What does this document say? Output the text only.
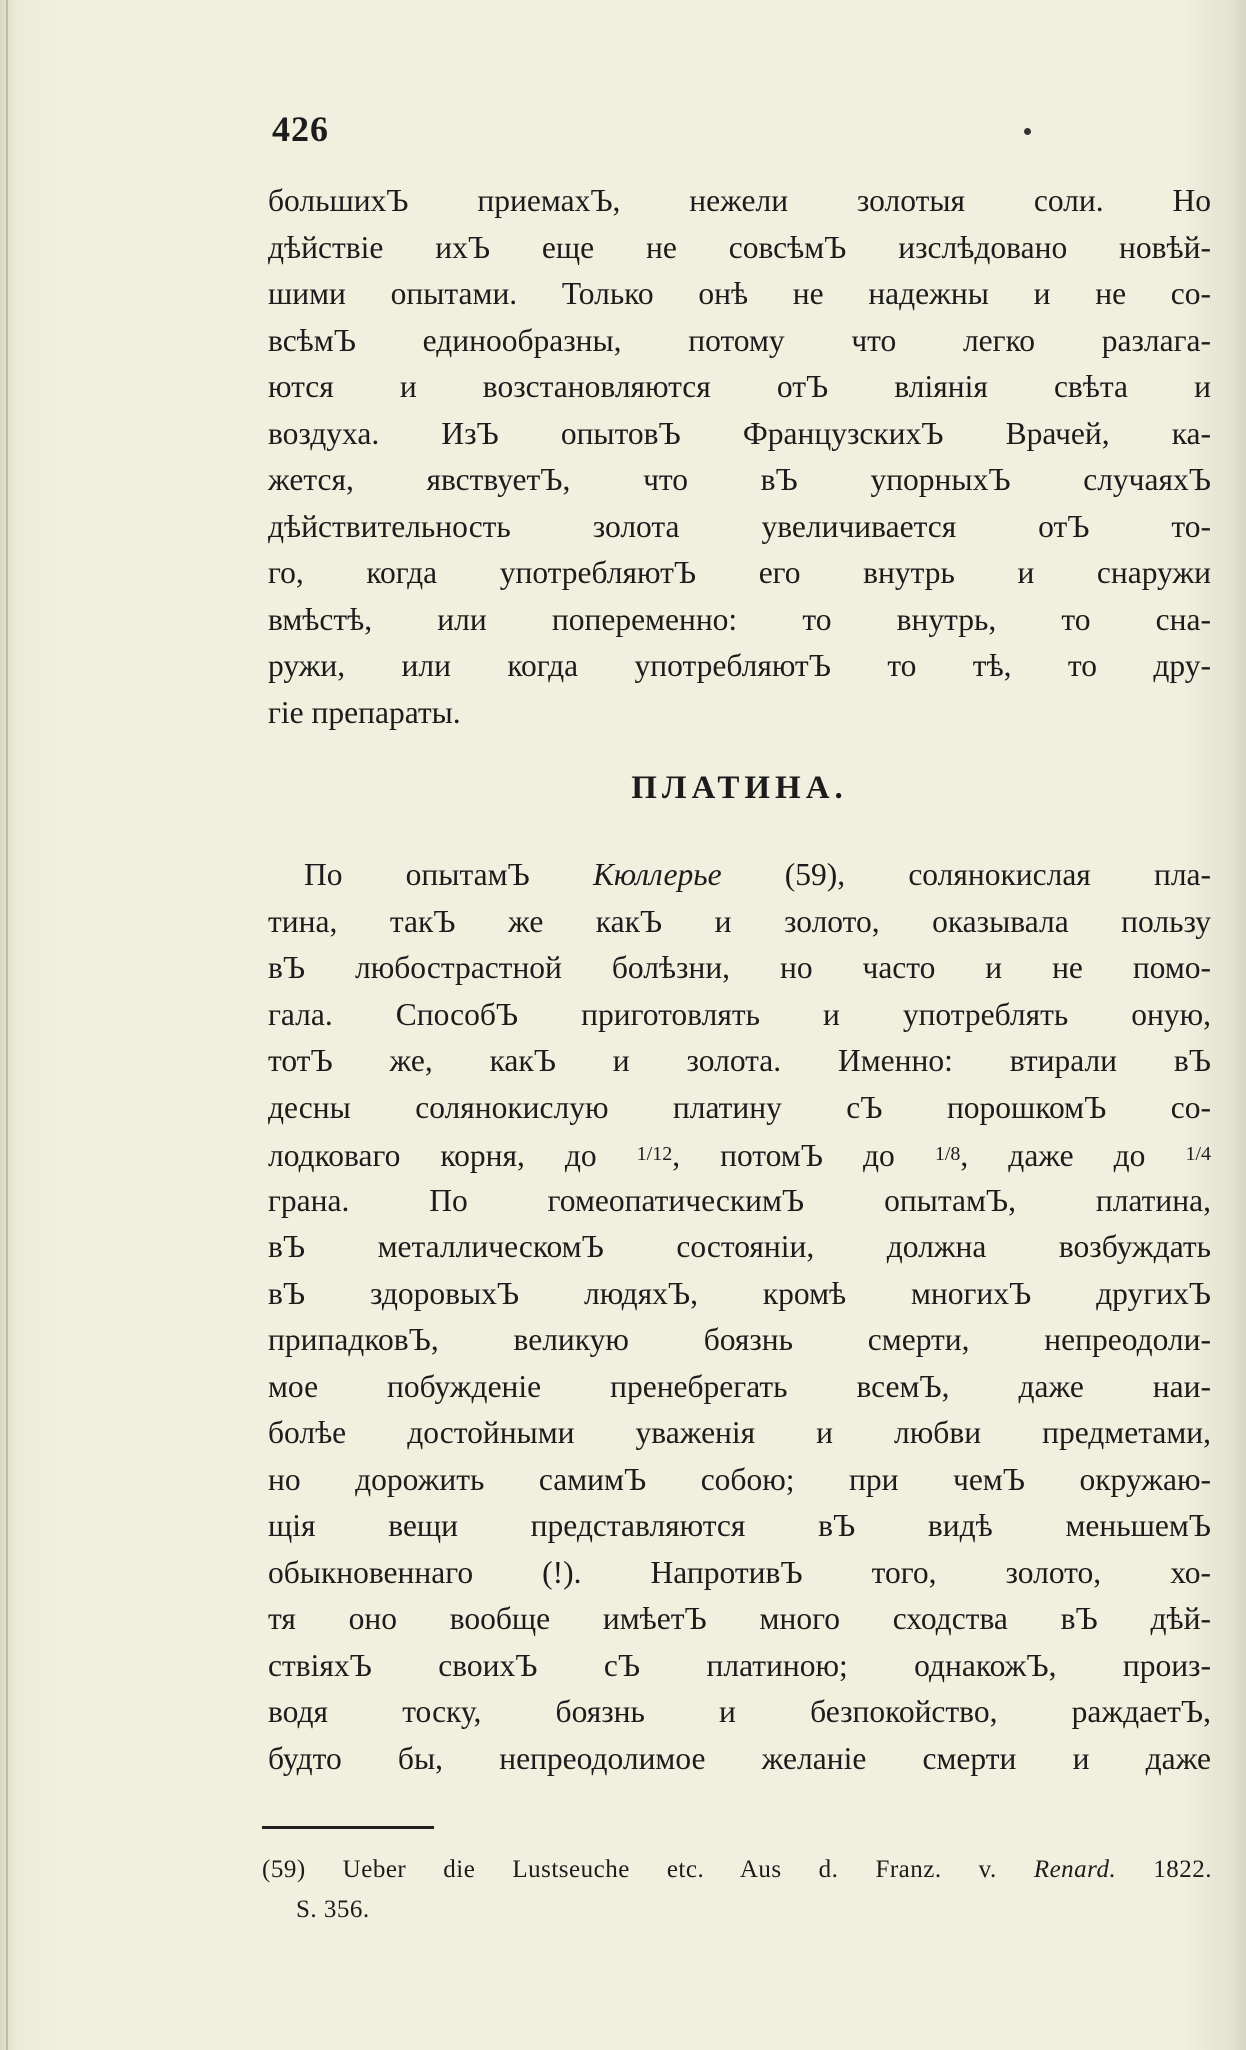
426
большихЪ приемахЪ, нежели золотыя соли. Но
дѣйствіе ихЪ еще не совсѣмЪ изслѣдовано новѣй-
шими опытами. Только онѣ не надежны и не со-
всѣмЪ единообразны, потому что легко разлага-
ются и возстановляются отЪ вліянія свѣта и
воздуха. ИзЪ опытовЪ ФранцузскихЪ Врачей, ка-
жется, явствуетЪ, что вЪ упорныхЪ случаяхЪ
дѣйствительность золота увеличивается отЪ то-
го, когда употребляютЪ его внутрь и снаружи
вмѣстѣ, или попеременно: то внутрь, то сна-
ружи, или когда употребляютЪ то тѣ, то дру-
гіе препараты.
ПЛАТИНА.
По опытамЪ Кюллерье (59), солянокислая пла-
тина, такЪ же какЪ и золото, оказывала пользу
вЪ любострастной болѣзни, но часто и не помо-
гала. СпособЪ приготовлять и употреблять оную,
тотЪ же, какЪ и золота. Именно: втирали вЪ
десны солянокислую платину сЪ порошкомЪ со-
лодковаго корня, до 1/12, потомЪ до 1/8, даже до 1/4
грана. По гомеопатическимЪ опытамЪ, платина,
вЪ металлическомЪ состояніи, должна возбуждать
вЪ здоровыхЪ людяхЪ, кромѣ многихЪ другихЪ
припадковЪ, великую боязнь смерти, непреодоли-
мое побужденіе пренебрегать всемЪ, даже наи-
болѣе достойными уваженія и любви предметами,
но дорожить самимЪ собою; при чемЪ окружаю-
щія вещи представляются вЪ видѣ меньшемЪ
обыкновеннаго (!). НапротивЪ того, золото, хо-
тя оно вообще имѣетЪ много сходства вЪ дѣй-
ствіяхЪ своихЪ сЪ платиною; однакожЪ, произ-
водя тоску, боязнь и безпокойство, раждаетЪ,
будто бы, непреодолимое желаніе смерти и даже
(59) Ueber die Lustseuche etc. Aus d. Franz. v. Renard. 1822.
S. 356.
